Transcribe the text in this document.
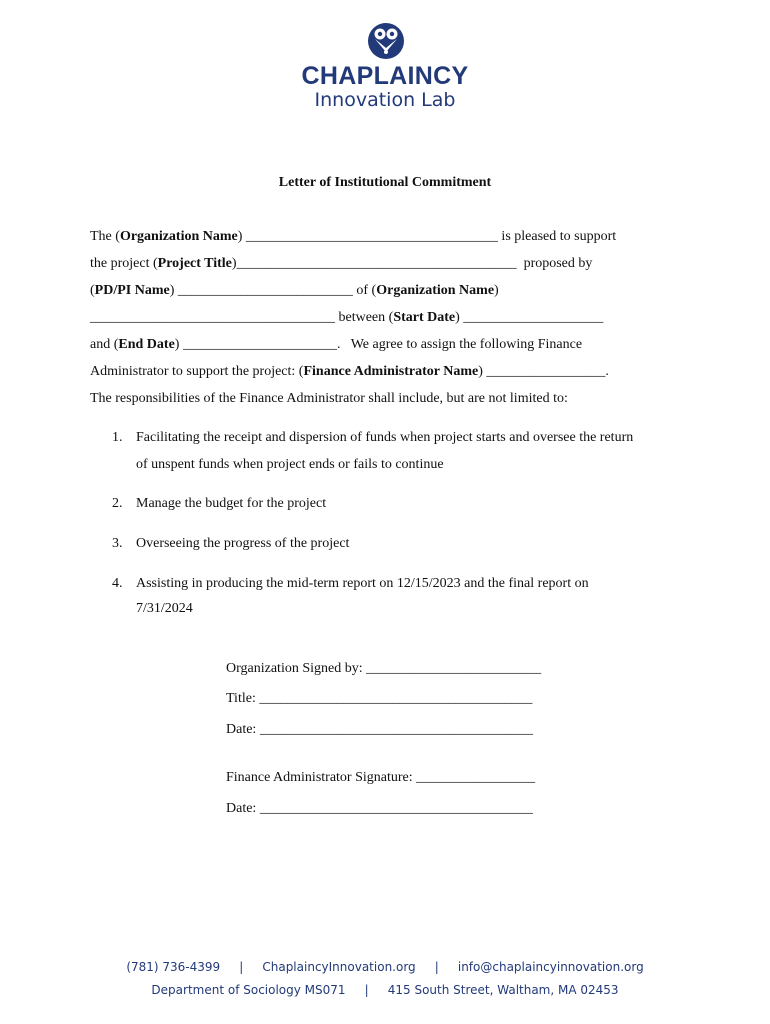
CHAPLAINCY
Innovation Lab
Letter of Institutional Commitment
The (Organization Name) ____________________________________ is pleased to support
the project (Project Title)________________________________________  proposed by
(PD/PI Name) _________________________ of (Organization Name)
___________________________________ between (Start Date) ____________________
and (End Date) ______________________.   We agree to assign the following Finance
Administrator to support the project: (Finance Administrator Name) _________________.
The responsibilities of the Finance Administrator shall include, but are not limited to:
1. Facilitating the receipt and dispersion of funds when project starts and oversee the return
of unspent funds when project ends or fails to continue
2. Manage the budget for the project
3. Overseeing the progress of the project
4. Assisting in producing the mid-term report on 12/15/2023 and the final report on
7/31/2024
Organization Signed by: _________________________
Title: _______________________________________
Date: _______________________________________
Finance Administrator Signature: _________________
Date: _______________________________________
(781) 736-4399     |     ChaplaincyInnovation.org     |     info@chaplaincyinnovation.org
Department of Sociology MS071     |     415 South Street, Waltham, MA 02453
